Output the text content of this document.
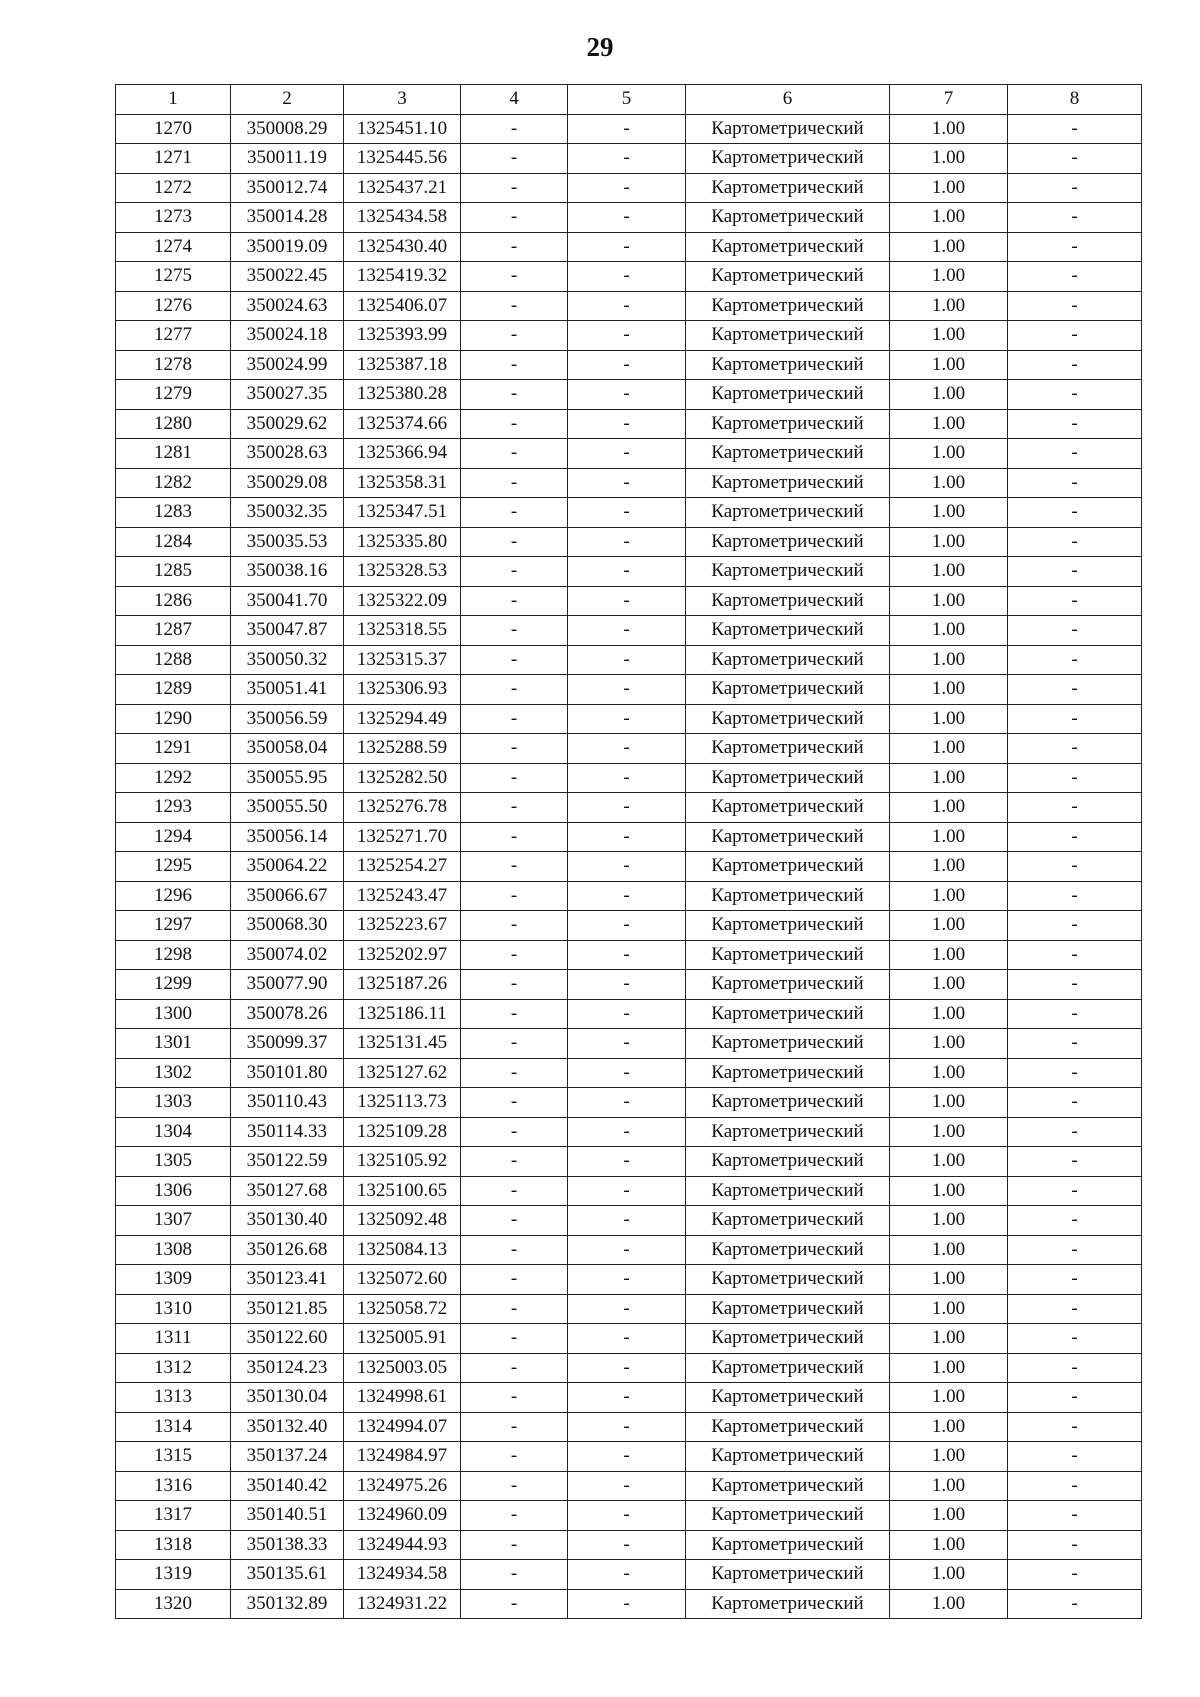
29
1	2	3	4	5	6	7	8
1270	350008.29	1325451.10	-	-	Картометрический	1.00	-
1271	350011.19	1325445.56	-	-	Картометрический	1.00	-
1272	350012.74	1325437.21	-	-	Картометрический	1.00	-
1273	350014.28	1325434.58	-	-	Картометрический	1.00	-
1274	350019.09	1325430.40	-	-	Картометрический	1.00	-
1275	350022.45	1325419.32	-	-	Картометрический	1.00	-
1276	350024.63	1325406.07	-	-	Картометрический	1.00	-
1277	350024.18	1325393.99	-	-	Картометрический	1.00	-
1278	350024.99	1325387.18	-	-	Картометрический	1.00	-
1279	350027.35	1325380.28	-	-	Картометрический	1.00	-
1280	350029.62	1325374.66	-	-	Картометрический	1.00	-
1281	350028.63	1325366.94	-	-	Картометрический	1.00	-
1282	350029.08	1325358.31	-	-	Картометрический	1.00	-
1283	350032.35	1325347.51	-	-	Картометрический	1.00	-
1284	350035.53	1325335.80	-	-	Картометрический	1.00	-
1285	350038.16	1325328.53	-	-	Картометрический	1.00	-
1286	350041.70	1325322.09	-	-	Картометрический	1.00	-
1287	350047.87	1325318.55	-	-	Картометрический	1.00	-
1288	350050.32	1325315.37	-	-	Картометрический	1.00	-
1289	350051.41	1325306.93	-	-	Картометрический	1.00	-
1290	350056.59	1325294.49	-	-	Картометрический	1.00	-
1291	350058.04	1325288.59	-	-	Картометрический	1.00	-
1292	350055.95	1325282.50	-	-	Картометрический	1.00	-
1293	350055.50	1325276.78	-	-	Картометрический	1.00	-
1294	350056.14	1325271.70	-	-	Картометрический	1.00	-
1295	350064.22	1325254.27	-	-	Картометрический	1.00	-
1296	350066.67	1325243.47	-	-	Картометрический	1.00	-
1297	350068.30	1325223.67	-	-	Картометрический	1.00	-
1298	350074.02	1325202.97	-	-	Картометрический	1.00	-
1299	350077.90	1325187.26	-	-	Картометрический	1.00	-
1300	350078.26	1325186.11	-	-	Картометрический	1.00	-
1301	350099.37	1325131.45	-	-	Картометрический	1.00	-
1302	350101.80	1325127.62	-	-	Картометрический	1.00	-
1303	350110.43	1325113.73	-	-	Картометрический	1.00	-
1304	350114.33	1325109.28	-	-	Картометрический	1.00	-
1305	350122.59	1325105.92	-	-	Картометрический	1.00	-
1306	350127.68	1325100.65	-	-	Картометрический	1.00	-
1307	350130.40	1325092.48	-	-	Картометрический	1.00	-
1308	350126.68	1325084.13	-	-	Картометрический	1.00	-
1309	350123.41	1325072.60	-	-	Картометрический	1.00	-
1310	350121.85	1325058.72	-	-	Картометрический	1.00	-
1311	350122.60	1325005.91	-	-	Картометрический	1.00	-
1312	350124.23	1325003.05	-	-	Картометрический	1.00	-
1313	350130.04	1324998.61	-	-	Картометрический	1.00	-
1314	350132.40	1324994.07	-	-	Картометрический	1.00	-
1315	350137.24	1324984.97	-	-	Картометрический	1.00	-
1316	350140.42	1324975.26	-	-	Картометрический	1.00	-
1317	350140.51	1324960.09	-	-	Картометрический	1.00	-
1318	350138.33	1324944.93	-	-	Картометрический	1.00	-
1319	350135.61	1324934.58	-	-	Картометрический	1.00	-
1320	350132.89	1324931.22	-	-	Картометрический	1.00	-
